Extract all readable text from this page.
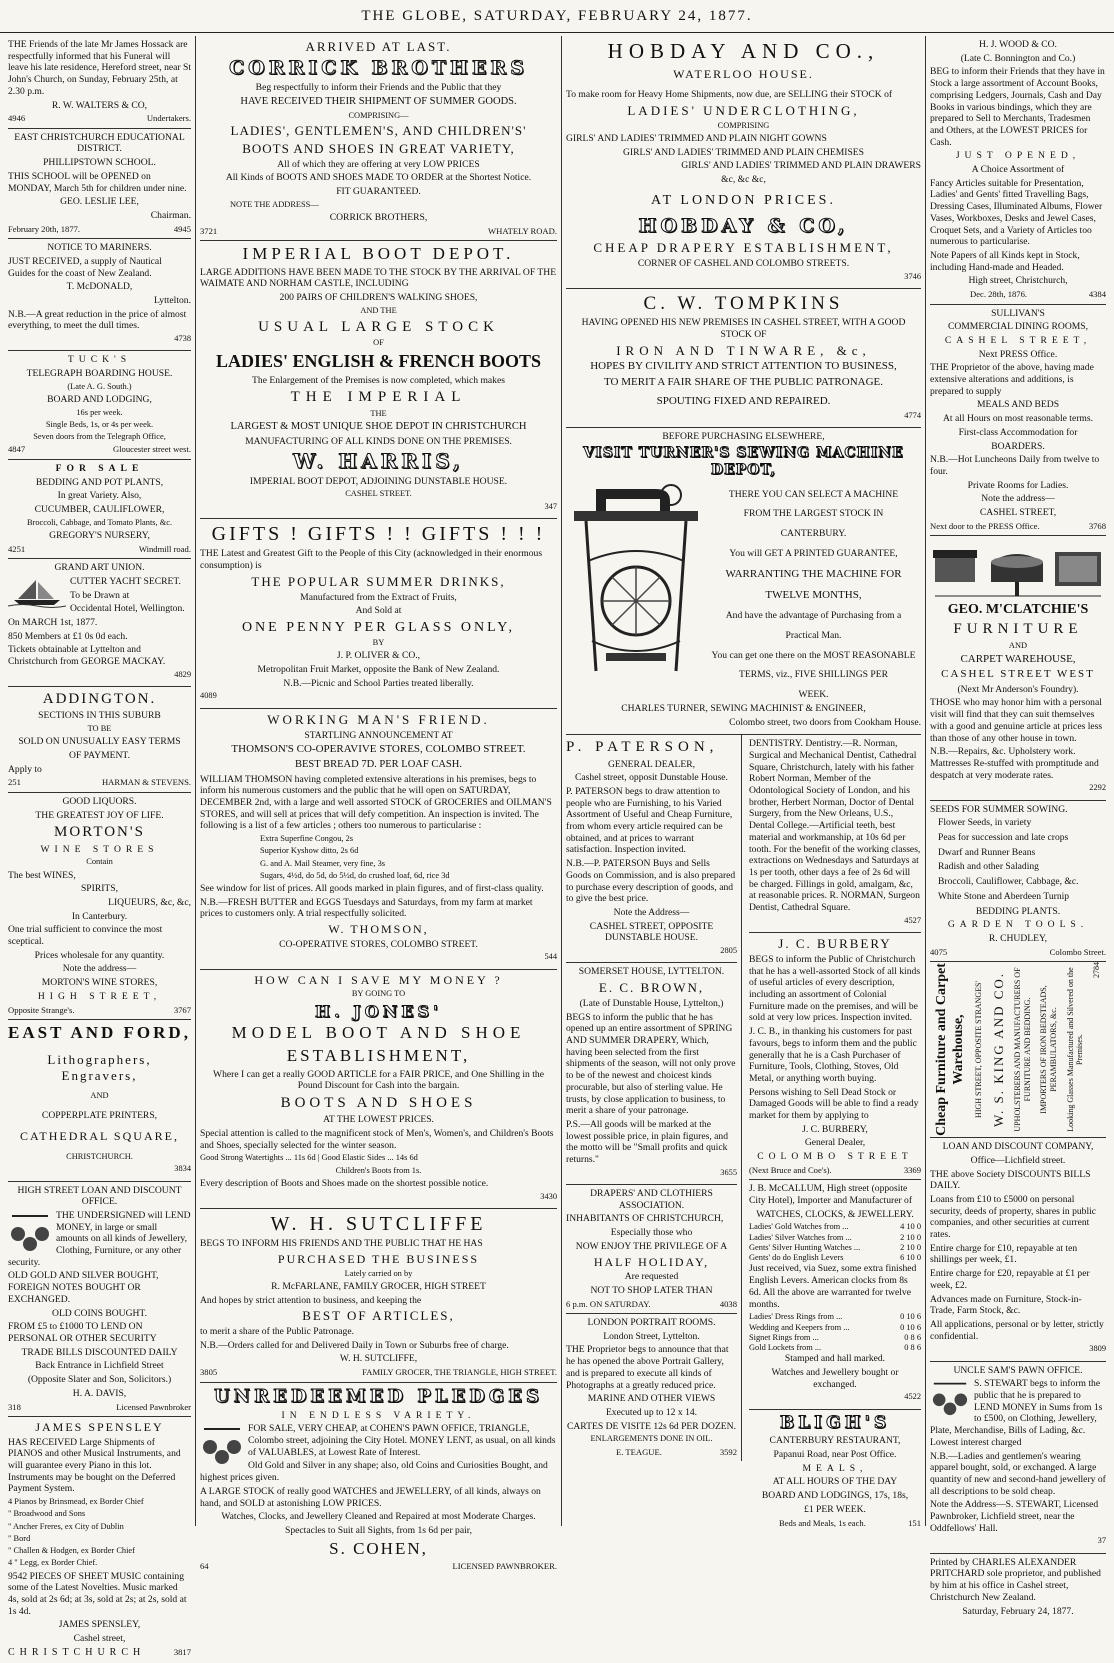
THE GLOBE, SATURDAY, FEBRUARY 24, 1877.

THE Friends of the late Mr James Hossack are respectfully informed that his Funeral will leave his late residence, Hereford street, near St John's Church, on Sunday, February 25th, at 2.30 p.m.

R. W. WALTERS & CO,

4946	Undertakers.

EAST CHRISTCHURCH EDUCATIONAL DISTRICT.

PHILLIPSTOWN SCHOOL.

THIS SCHOOL will be OPENED on MONDAY, March 5th for children under nine.

GEO. LESLIE LEE,

Chairman.

February 20th, 1877.	4945

NOTICE TO MARINERS.

JUST RECEIVED, a supply of Nautical Guides for the coast of New Zealand.

T. McDONALD,

Lyttelton.

N.B.—A great reduction in the price of almost everything, to meet the dull times.

4738

TUCK'S

TELEGRAPH BOARDING HOUSE.

(Late A. G. South.)

BOARD AND LODGING,

16s per week.

Single Beds, 1s, or 4s per week.

Seven doors from the Telegraph Office,

4847	Gloucester street west.

FOR SALE

BEDDING AND POT PLANTS,

In great Variety. Also,

CUCUMBER, CAULIFLOWER,

Broccoli, Cabbage, and Tomato Plants, &c.

GREGORY'S NURSERY,

4251	Windmill road.

GRAND ART UNION.

CUTTER YACHT SECRET.

To be Drawn at

Occidental Hotel, Wellington.

On MARCH 1st, 1877.

850 Members at £1 0s 0d each.

Tickets obtainable at Lyttelton and Christchurch from GEORGE MACKAY.

4829

ADDINGTON.

SECTIONS IN THIS SUBURB

TO BE

SOLD ON UNUSUALLY EASY TERMS

OF PAYMENT.

Apply to

251	HARMAN & STEVENS.

GOOD LIQUORS.

THE GREATEST JOY OF LIFE.

MORTON'S

WINE STORES

Contain

The best WINES,

SPIRITS,

LIQUEURS, &c, &c,

In Canterbury.

One trial sufficient to convince the most sceptical.

Prices wholesale for any quantity.

Note the address—

MORTON'S WINE STORES,

HIGH STREET,

Opposite Strange's.	3767

EAST AND FORD,

Lithographers, Engravers,

AND

COPPERPLATE PRINTERS,

CATHEDRAL SQUARE,

CHRISTCHURCH.

3834

HIGH STREET LOAN AND DISCOUNT OFFICE.

THE UNDERSIGNED will LEND MONEY, in large or small amounts on all kinds of Jewellery, Clothing, Furniture, or any other security.

OLD GOLD AND SILVER BOUGHT, FOREIGN NOTES BOUGHT OR EXCHANGED.

OLD COINS BOUGHT.

FROM £5 to £1000 TO LEND ON PERSONAL OR OTHER SECURITY

TRADE BILLS DISCOUNTED DAILY

Back Entrance in Lichfield Street

(Opposite Slater and Son, Solicitors.)

H. A. DAVIS,

318	Licensed Pawnbroker

JAMES SPENSLEY

HAS RECEIVED Large Shipments of PIANOS and other Musical Instruments, and will guarantee every Piano in this lot. Instruments may be bought on the Deferred Payment System.

4 Pianos by Brinsmead, ex Border Chief

" Broadwood and Sons

" Ancher Freres, ex City of Dublin

" Bord

" Challen & Hodgen, ex Border Chief

4 " Legg, ex Border Chief.

9542 PIECES OF SHEET MUSIC containing some of the Latest Novelties. Music marked 4s, sold at 2s 6d; at 3s, sold at 2s; at 2s, sold at 1s 4d.

JAMES SPENSLEY,

Cashel street,

CHRISTCHURCH	3817

ARRIVED AT LAST.

CORRICK BROTHERS

Beg respectfully to inform their Friends and the Public that they

HAVE RECEIVED THEIR SHIPMENT OF SUMMER GOODS.

COMPRISING—

LADIES', GENTLEMEN'S, AND CHILDREN'S'

BOOTS AND SHOES IN GREAT VARIETY,

All of which they are offering at very LOW PRICES

All Kinds of BOOTS AND SHOES MADE TO ORDER at the Shortest Notice.

FIT GUARANTEED.

NOTE THE ADDRESS—

CORRICK BROTHERS,

3721	WHATELY ROAD.

IMPERIAL BOOT DEPOT.

LARGE ADDITIONS HAVE BEEN MADE TO THE STOCK BY THE ARRIVAL OF THE WAIMATE AND NORHAM CASTLE, INCLUDING

200 PAIRS OF CHILDREN'S WALKING SHOES,

AND THE

USUAL LARGE STOCK

OF

LADIES' ENGLISH & FRENCH BOOTS

The Enlargement of the Premises is now completed, which makes

THE IMPERIAL

THE

LARGEST & MOST UNIQUE SHOE DEPOT IN CHRISTCHURCH

MANUFACTURING OF ALL KINDS DONE ON THE PREMISES.

W. HARRIS,

IMPERIAL BOOT DEPOT, ADJOINING DUNSTABLE HOUSE.

CASHEL STREET.

347

GIFTS ! GIFTS ! ! GIFTS ! ! !

THE Latest and Greatest Gift to the People of this City (acknowledged in their enormous consumption) is

THE POPULAR SUMMER DRINKS,

Manufactured from the Extract of Fruits,

And Sold at

ONE PENNY PER GLASS ONLY,

BY

J. P. OLIVER & CO.,

Metropolitan Fruit Market, opposite the Bank of New Zealand.

N.B.—Picnic and School Parties treated liberally.

4089

WORKING MAN'S FRIEND.

STARTLING ANNOUNCEMENT AT

THOMSON'S CO-OPERAVIVE STORES, COLOMBO STREET.

BEST BREAD 7D. PER LOAF CASH.

WILLIAM THOMSON having completed extensive alterations in his premises, begs to inform his numerous customers and the public that he will open on SATURDAY, DECEMBER 2nd, with a large and well assorted STOCK of GROCERIES and OILMAN'S STORES, and will sell at prices that will defy competition. An inspection is invited. The following is a list of a few articles ; others too numerous to particularise :

Extra Superfine Congou, 2s

Superior Kyshow ditto, 2s 6d

G. and A. Mail Steamer, very fine, 3s

Sugars, 4½d, do 5d, do 5½d, do crushed loaf, 6d, rice 3d

See window for list of prices. All goods marked in plain figures, and of first-class quality.

N.B.—FRESH BUTTER and EGGS Tuesdays and Saturdays, from my farm at market prices to customers only. A trial respectfully solicited.

W. THOMSON,

CO-OPERATIVE STORES, COLOMBO STREET.

544

HOW CAN I SAVE MY MONEY ?

BY GOING TO

H. JONES'

MODEL BOOT AND SHOE

ESTABLISHMENT,

Where I can get a really GOOD ARTICLE for a FAIR PRICE, and One Shilling in the Pound Discount for Cash into the bargain.

BOOTS AND SHOES

AT THE LOWEST PRICES.

Special attention is called to the magnificent stock of Men's, Women's, and Children's Boots and Shoes, specially selected for the winter season.

Good Strong Watertights ... 11s 6d | Good Elastic Sides ... 14s 6d

Children's Boots from 1s.

Every description of Boots and Shoes made on the shortest possible notice.

3430

W. H. SUTCLIFFE

BEGS TO INFORM HIS FRIENDS AND THE PUBLIC THAT HE HAS

PURCHASED THE BUSINESS

Lately carried on by

R. McFARLANE, FAMILY GROCER, HIGH STREET

And hopes by strict attention to business, and keeping the

BEST OF ARTICLES,

to merit a share of the Public Patronage.

N.B.—Orders called for and Delivered Daily in Town or Suburbs free of charge.

W. H. SUTCLIFFE,

3805	FAMILY GROCER, THE TRIANGLE, HIGH STREET.

UNREDEEMED PLEDGES

IN ENDLESS VARIETY.

FOR SALE, VERY CHEAP, at COHEN'S PAWN OFFICE, TRIANGLE, Colombo street, adjoining the City Hotel. MONEY LENT, as usual, on all kinds of VALUABLES, at Lowest Rate of Interest.

Old Gold and Silver in any shape; also, old Coins and Curiosities Bought, and highest prices given.

A LARGE STOCK of really good WATCHES and JEWELLERY, of all kinds, always on hand, and SOLD at astonishing LOW PRICES.

Watches, Clocks, and Jewellery Cleaned and Repaired at most Moderate Charges.

Spectacles to Suit all Sights, from 1s 6d per pair,

S. COHEN,

64	LICENSED PAWNBROKER.

HOBDAY AND CO.,

WATERLOO HOUSE.

To make room for Heavy Home Shipments, now due, are SELLING their STOCK of

LADIES' UNDERCLOTHING,

COMPRISING

GIRLS' AND LADIES' TRIMMED AND PLAIN NIGHT GOWNS

GIRLS' AND LADIES' TRIMMED AND PLAIN CHEMISES

GIRLS' AND LADIES' TRIMMED AND PLAIN DRAWERS

&c, &c &c,

AT LONDON PRICES.

HOBDAY & CO,

CHEAP DRAPERY ESTABLISHMENT,

CORNER OF CASHEL AND COLOMBO STREETS.

3746

C. W. TOMPKINS

HAVING OPENED HIS NEW PREMISES IN CASHEL STREET, WITH A GOOD STOCK OF

IRON AND TINWARE, &c,

HOPES BY CIVILITY AND STRICT ATTENTION TO BUSINESS,

TO MERIT A FAIR SHARE OF THE PUBLIC PATRONAGE.

SPOUTING FIXED AND REPAIRED.

4774

BEFORE PURCHASING ELSEWHERE,

VISIT TURNER'S SEWING MACHINE DEPOT,

THERE YOU CAN SELECT A MACHINE

FROM THE LARGEST STOCK IN

CANTERBURY.

You will GET A PRINTED GUARANTEE,

WARRANTING THE MACHINE FOR

TWELVE MONTHS,

And have the advantage of Purchasing from a

Practical Man.

You can get one there on the MOST REASONABLE

TERMS, viz., FIVE SHILLINGS PER

WEEK.

CHARLES TURNER, SEWING MACHINIST & ENGINEER,

Colombo street, two doors from Cookham House.

P. PATERSON,

GENERAL DEALER,

Cashel street, opposit Dunstable House.

P. PATERSON begs to draw attention to people who are Furnishing, to his Varied Assortment of Useful and Cheap Furniture, from whom every article required can be obtained, and at prices to warrant satisfaction. Inspection invited.

N.B.—P. PATERSON Buys and Sells Goods on Commission, and is also prepared to purchase every description of goods, and to give the best price.

Note the Address—

CASHEL STREET, OPPOSITE DUNSTABLE HOUSE.

2805

SOMERSET HOUSE, LYTTELTON.

E. C. BROWN,

(Late of Dunstable House, Lyttelton,)

BEGS to inform the public that he has opened up an entire assortment of SPRING AND SUMMER DRAPERY, Which, having been selected from the first shipments of the season, will not only prove to be of the newest and choicest kinds procurable, but also of sterling value. He trusts, by close application to business, to merit a share of your patronage.

P.S.—All goods will be marked at the lowest possible price, in plain figures, and the motto will be "Small profits and quick returns."

3655

DRAPERS' AND CLOTHIERS ASSOCIATION.

INHABITANTS OF CHRISTCHURCH,

Especially those who

NOW ENJOY THE PRIVILEGE OF A

HALF HOLIDAY,

Are requested

NOT TO SHOP LATER THAN

6 p.m. ON SATURDAY.	4038

LONDON PORTRAIT ROOMS.

London Street, Lyttelton.

THE Proprietor begs to announce that that he has opened the above Portrait Gallery, and is prepared to execute all kinds of Photographs at a greatly reduced price.

MARINE AND OTHER VIEWS

Executed up to 12 x 14.

CARTES DE VISITE 12s 6d PER DOZEN.

ENLARGEMENTS DONE IN OIL.

E. TEAGUE.	3592

DENTISTRY. Dentistry.—R. Norman, Surgical and Mechanical Dentist, Cathedral Square, Christchurch, lately with his father Robert Norman, Member of the Odontological Society of London, and his brother, Herbert Norman, Doctor of Dental Surgery, from the New Orleans, U.S., Dental College.—Artificial teeth, best material and workmanship, at 10s 6d per tooth. For the benefit of the working classes, extractions on Wednesdays and Saturdays at 1s per tooth, other days a fee of 2s 6d will be charged. Fillings in gold, amalgam, &c, at reasonable prices. R. NORMAN, Surgeon Dentist, Cathedral Square.

4527

J. C. BURBERY

BEGS to inform the Public of Christchurch that he has a well-assorted Stock of all kinds of useful articles of every description, including an assortment of Colonial Furniture made on the premises, and will be sold at very low prices. Inspection invited.

J. C. B., in thanking his customers for past favours, begs to inform them and the public generally that he is a Cash Purchaser of Furniture, Tools, Clothing, Stoves, Old Metal, or anything worth buying.

Persons wishing to Sell Dead Stock or Damaged Goods will be able to find a ready market for them by applying to

J. C. BURBERY,

General Dealer,

COLOMBO STREET

(Next Bruce and Coe's).	3369

J. B. McCALLUM, High street (opposite City Hotel), Importer and Manufacturer of

WATCHES, CLOCKS, & JEWELLERY.

Ladies' Gold Watches from ...	4 10 0
Ladies' Silver Watches from ...	2 10 0
Gents' Silver Hunting Watches ...	2 10 0
Gents' do do English Levers	6 10 0

Just received, via Suez, some extra finished English Levers. American clocks from 8s 6d. All the above are warranted for twelve months.

Ladies' Dress Rings from ...	0 10 6
Wedding and Keepers from ...	0 10 6
Signet Rings from ...	0 8 6
Gold Lockets from ...	0 8 6

Stamped and hall marked.

Watches and Jewellery bought or exchanged.

4522

BLIGH'S

CANTERBURY RESTAURANT,

Papanui Road, near Post Office.

MEALS,

AT ALL HOURS OF THE DAY

BOARD AND LODGINGS, 17s, 18s,

£1 PER WEEK.

Beds and Meals, 1s each.	151

H. J. WOOD & CO.

(Late C. Bonnington and Co.)

BEG to inform their Friends that they have in Stock a large assortment of Account Books, comprising Ledgers, Journals, Cash and Day Books in various bindings, which they are prepared to Sell to Merchants, Tradesmen and Others, at the LOWEST PRICES for Cash.

JUST OPENED,

A Choice Assortment of

Fancy Articles suitable for Presentation, Ladies' and Gents' fitted Travelling Bags, Dressing Cases, Illuminated Albums, Flower Vases, Workboxes, Desks and Jewel Cases, Croquet Sets, and a Variety of Articles too numerous to particularise.

Note Papers of all Kinds kept in Stock, including Hand-made and Headed.

High street, Christchurch,

Dec. 28th, 1876.	4384

SULLIVAN'S

COMMERCIAL DINING ROOMS,

CASHEL STREET,

Next PRESS Office.

THE Proprietor of the above, having made extensive alterations and additions, is prepared to supply

MEALS AND BEDS

At all Hours on most reasonable terms.

First-class Accommodation for

BOARDERS.

N.B.—Hot Luncheons Daily from twelve to four.

Private Rooms for Ladies.

Note the address—

CASHEL STREET,

Next door to the PRESS Office.	3768

GEO. M'CLATCHIE'S

FURNITURE

AND

CARPET WAREHOUSE,

CASHEL STREET WEST

(Next Mr Anderson's Foundry).

THOSE who may honor him with a personal visit will find that they can suit themselves with a good and genuine article at prices less than those of any other house in town.

N.B.—Repairs, &c. Upholstery work. Mattresses Re-stuffed with promptitude and despatch at very moderate rates.

2292

SEEDS FOR SUMMER SOWING.

Flower Seeds, in variety

Peas for succession and late crops

Dwarf and Runner Beans

Radish and other Salading

Broccoli, Cauliflower, Cabbage, &c.

White Stone and Aberdeen Turnip

BEDDING PLANTS.

GARDEN TOOLS.

R. CHUDLEY,

4075	Colombo Street.

Cheap Furniture and Carpet Warehouse, HIGH STREET, OPPOSITE STRANGES' W. S. KING AND CO. UPHOLSTERERS AND MANUFACTURERS OF FURNITURE AND BEDDING. IMPORTERS OF IRON BEDSTEADS, PERAMBULATORS, &c. Looking Glasses Manufactured and Silvered on the Premises.

2784

LOAN AND DISCOUNT COMPANY,

Office—Lichfield street.

THE above Society DISCOUNTS BILLS DAILY.

Loans from £10 to £5000 on personal security, deeds of property, shares in public companies, and other securities at current rates.

Entire charge for £10, repayable at ten shillings per week, £1.

Entire charge for £20, repayable at £1 per week, £2.

Advances made on Furniture, Stock-in-Trade, Farm Stock, &c.

All applications, personal or by letter, strictly confidential.

3809

UNCLE SAM'S PAWN OFFICE.

S. STEWART begs to inform the public that he is prepared to LEND MONEY in Sums from 1s to £500, on Clothing, Jewellery, Plate, Merchandise, Bills of Lading, &c. Lowest interest charged

N.B.—Ladies and gentlemen's wearing apparel bought, sold, or exchanged. A large quantity of new and second-hand jewellery of all descriptions to be sold cheap.

Note the Address—S. STEWART, Licensed Pawnbroker, Lichfield street, near the Oddfellows' Hall.

37

Printed by CHARLES ALEXANDER PRITCHARD sole proprietor, and published by him at his office in Cashel street, Christchurch New Zealand.

Saturday, February 24, 1877.
